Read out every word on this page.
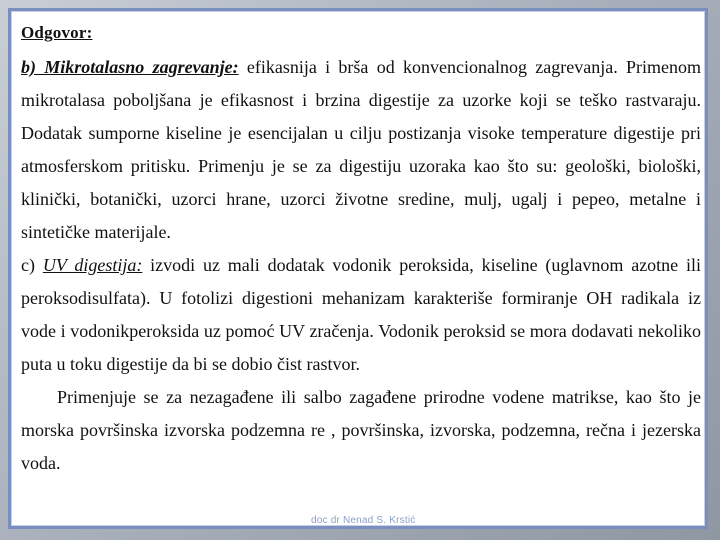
Odgovor:

b) Mikrotalasno zagrevanje: efikasnija i brša od konvencionalnog zagrevanja. Primenom mikrotalasa poboljšana je efikasnost i brzina digestije za uzorke koji se teško rastvaraju. Dodatak sumporne kiseline je esencijalan u cilju postizanja visoke temperature digestije pri atmosferskom pritisku. Primenju je se za digestiju uzoraka kao što su: geološki, biološki, klinički, botanički, uzorci hrane, uzorci životne sredine, mulj, ugalj i pepeo, metalne i sintetičke materijale.

c) UV digestija: izvodi uz mali dodatak vodonik peroksida, kiseline (uglavnom azotne ili peroksodisulfata). U fotolizi digestioni mehanizam karakteriše formiranje OH radikala iz vode i vodonikperoksida uz pomoć UV zračenja. Vodonik peroksid se mora dodavati nekoliko puta u toku digestije da bi se dobio čist rastvor.

Primenjuje se za nezagađene ili salbo zagađene prirodne vodene matrikse, kao što je morska površinska izvorska podzemna re , površinska, izvorska, podzemna, rečna i jezerska voda.

doc dr Nenad S. Krstić
